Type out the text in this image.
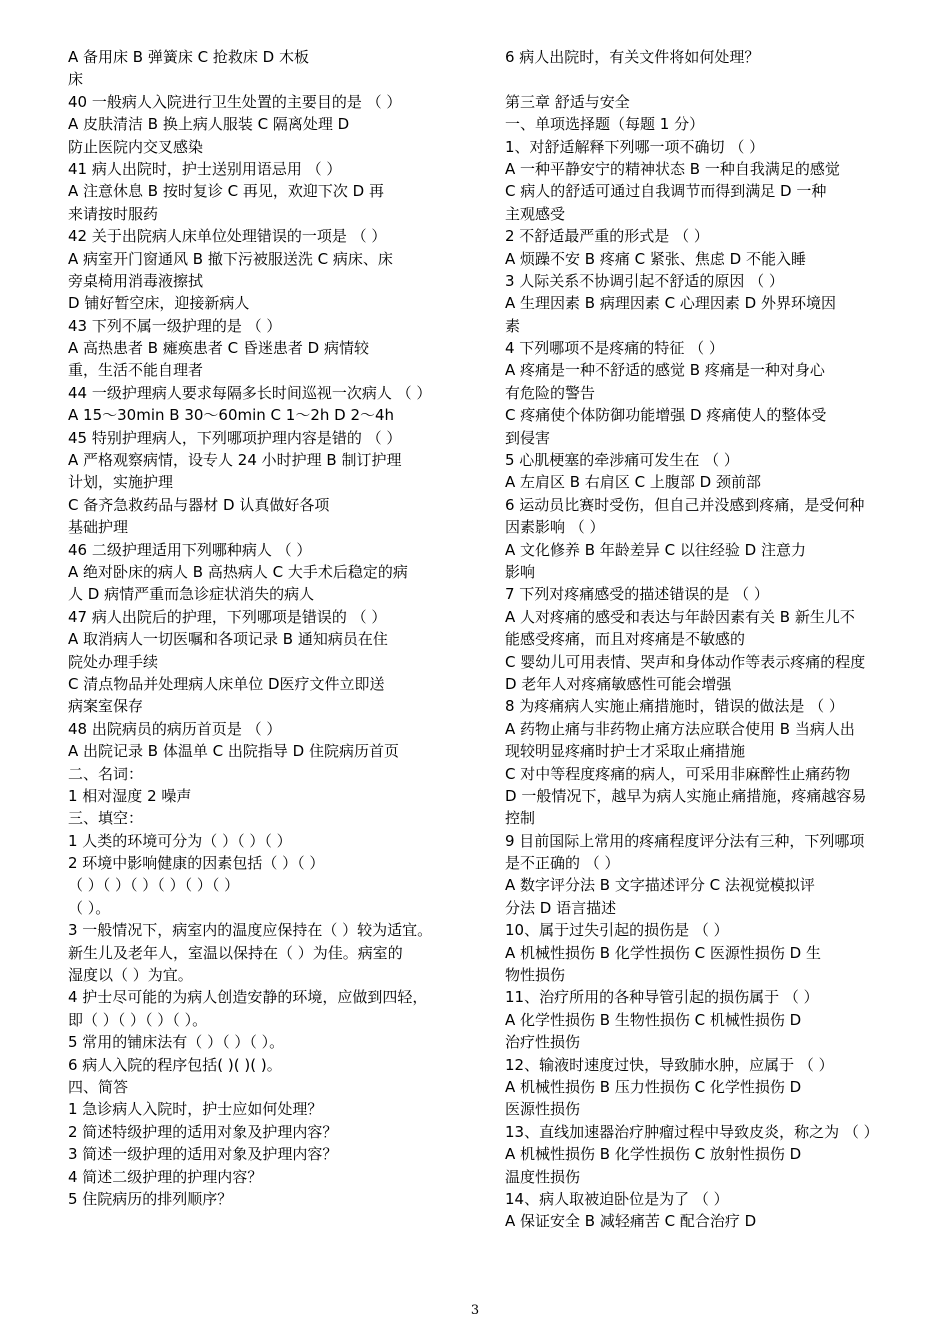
A 备用床 B 弹簧床 C 抢救床 D 木板
床
40 一般病人入院进行卫生处置的主要目的是 （ ）
A 皮肤清洁 B 换上病人服装 C 隔离处理 D
防止医院内交叉感染
41 病人出院时，护士送别用语忌用 （ ）
A 注意休息 B 按时复诊 C 再见，欢迎下次 D 再
来请按时服药
42 关于出院病人床单位处理错误的一项是 （ ）
A 病室开门窗通风 B 撤下污被服送洗 C 病床、床
旁桌椅用消毒液擦拭
D 铺好暂空床，迎接新病人
43 下列不属一级护理的是 （ ）
A 高热患者 B 瘫痪患者 C 昏迷患者 D 病情较
重，生活不能自理者
44 一级护理病人要求每隔多长时间巡视一次病人 （ ）
A 15～30min B 30～60min C 1～2h D 2～4h
45 特别护理病人，下列哪项护理内容是错的 （ ）
A 严格观察病情，设专人 24 小时护理 B 制订护理
计划，实施护理
C 备齐急救药品与器材 D 认真做好各项
基础护理
46 二级护理适用下列哪种病人 （ ）
A 绝对卧床的病人 B 高热病人 C 大手术后稳定的病
人 D 病情严重而急诊症状消失的病人
47 病人出院后的护理，下列哪项是错误的 （ ）
A 取消病人一切医嘱和各项记录 B 通知病员在住
院处办理手续
C 清点物品并处理病人床单位 D医疗文件立即送
病案室保存
48 出院病员的病历首页是 （ ）
A 出院记录 B 体温单 C 出院指导 D 住院病历首页
二、名词：
1 相对湿度 2 噪声
三、填空：
1 人类的环境可分为（ ）（ ）（ ）
2 环境中影响健康的因素包括（ ）（ ）
（ ）（ ）（ ）（ ）（ ）（ ）
（ ）。
3 一般情况下，病室内的温度应保持在（ ）较为适宜。
新生儿及老年人，室温以保持在（ ）为佳。病室的
湿度以（ ）为宜。
4 护士尽可能的为病人创造安静的环境，应做到四轻，
即（ ）（ ）（ ）（ ）。
5 常用的铺床法有（ ）（ ）（ ）。
6 病人入院的程序包括( )( )( )。
四、简答
1 急诊病人入院时，护士应如何处理？
2 简述特级护理的适用对象及护理内容？
3 简述一级护理的适用对象及护理内容？
4 简述二级护理的护理内容？
5 住院病历的排列顺序？
6 病人出院时，有关文件将如何处理？
第三章 舒适与安全
一、单项选择题（每题 1 分）
1、对舒适解释下列哪一项不确切 （ ）
A 一种平静安宁的精神状态 B 一种自我满足的感觉
C 病人的舒适可通过自我调节而得到满足 D 一种
主观感受
2 不舒适最严重的形式是 （ ）
A 烦躁不安 B 疼痛 C 紧张、焦虑 D 不能入睡
3 人际关系不协调引起不舒适的原因 （ ）
A 生理因素 B 病理因素 C 心理因素 D 外界环境因
素
4 下列哪项不是疼痛的特征 （ ）
A 疼痛是一种不舒适的感觉 B 疼痛是一种对身心
有危险的警告
C 疼痛使个体防御功能增强 D 疼痛使人的整体受
到侵害
5 心肌梗塞的牵涉痛可发生在 （ ）
A 左肩区 B 右肩区 C 上腹部 D 颈前部
6 运动员比赛时受伤，但自己并没感到疼痛，是受何种
因素影响 （ ）
A 文化修养 B 年龄差异 C 以往经验 D 注意力
影响
7 下列对疼痛感受的描述错误的是 （ ）
A 人对疼痛的感受和表达与年龄因素有关 B 新生儿不
能感受疼痛，而且对疼痛是不敏感的
C 婴幼儿可用表情、哭声和身体动作等表示疼痛的程度
D 老年人对疼痛敏感性可能会增强
8 为疼痛病人实施止痛措施时，错误的做法是 （ ）
A 药物止痛与非药物止痛方法应联合使用 B 当病人出
现较明显疼痛时护士才采取止痛措施
C 对中等程度疼痛的病人，可采用非麻醉性止痛药物
D 一般情况下，越早为病人实施止痛措施，疼痛越容易
控制
9 目前国际上常用的疼痛程度评分法有三种，下列哪项
是不正确的 （ ）
A 数字评分法 B 文字描述评分 C 法视觉模拟评
分法 D 语言描述
10、属于过失引起的损伤是 （ ）
A 机械性损伤 B 化学性损伤 C 医源性损伤 D 生
物性损伤
11、治疗所用的各种导管引起的损伤属于 （ ）
A 化学性损伤 B 生物性损伤 C 机械性损伤 D
治疗性损伤
12、输液时速度过快，导致肺水肿，应属于 （ ）
A 机械性损伤 B 压力性损伤 C 化学性损伤 D
医源性损伤
13、直线加速器治疗肿瘤过程中导致皮炎，称之为 （ ）
A 机械性损伤 B 化学性损伤 C 放射性损伤 D
温度性损伤
14、病人取被迫卧位是为了 （ ）
A 保证安全 B 减轻痛苦 C 配合治疗 D
3
